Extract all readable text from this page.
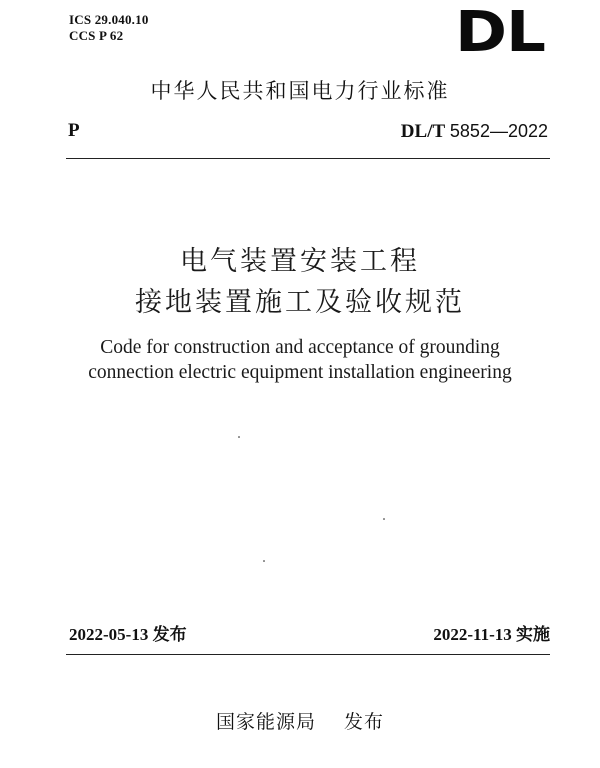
ICS 29.040.10
CCS P 62	DL
中华人民共和国电力行业标准
P	DL/T 5852—2022
电气装置安装工程
接地装置施工及验收规范
Code for construction and acceptance of grounding
connection electric equipment installation engineering
2022-05-13 发布	2022-11-13 实施
国家能源局 发布
